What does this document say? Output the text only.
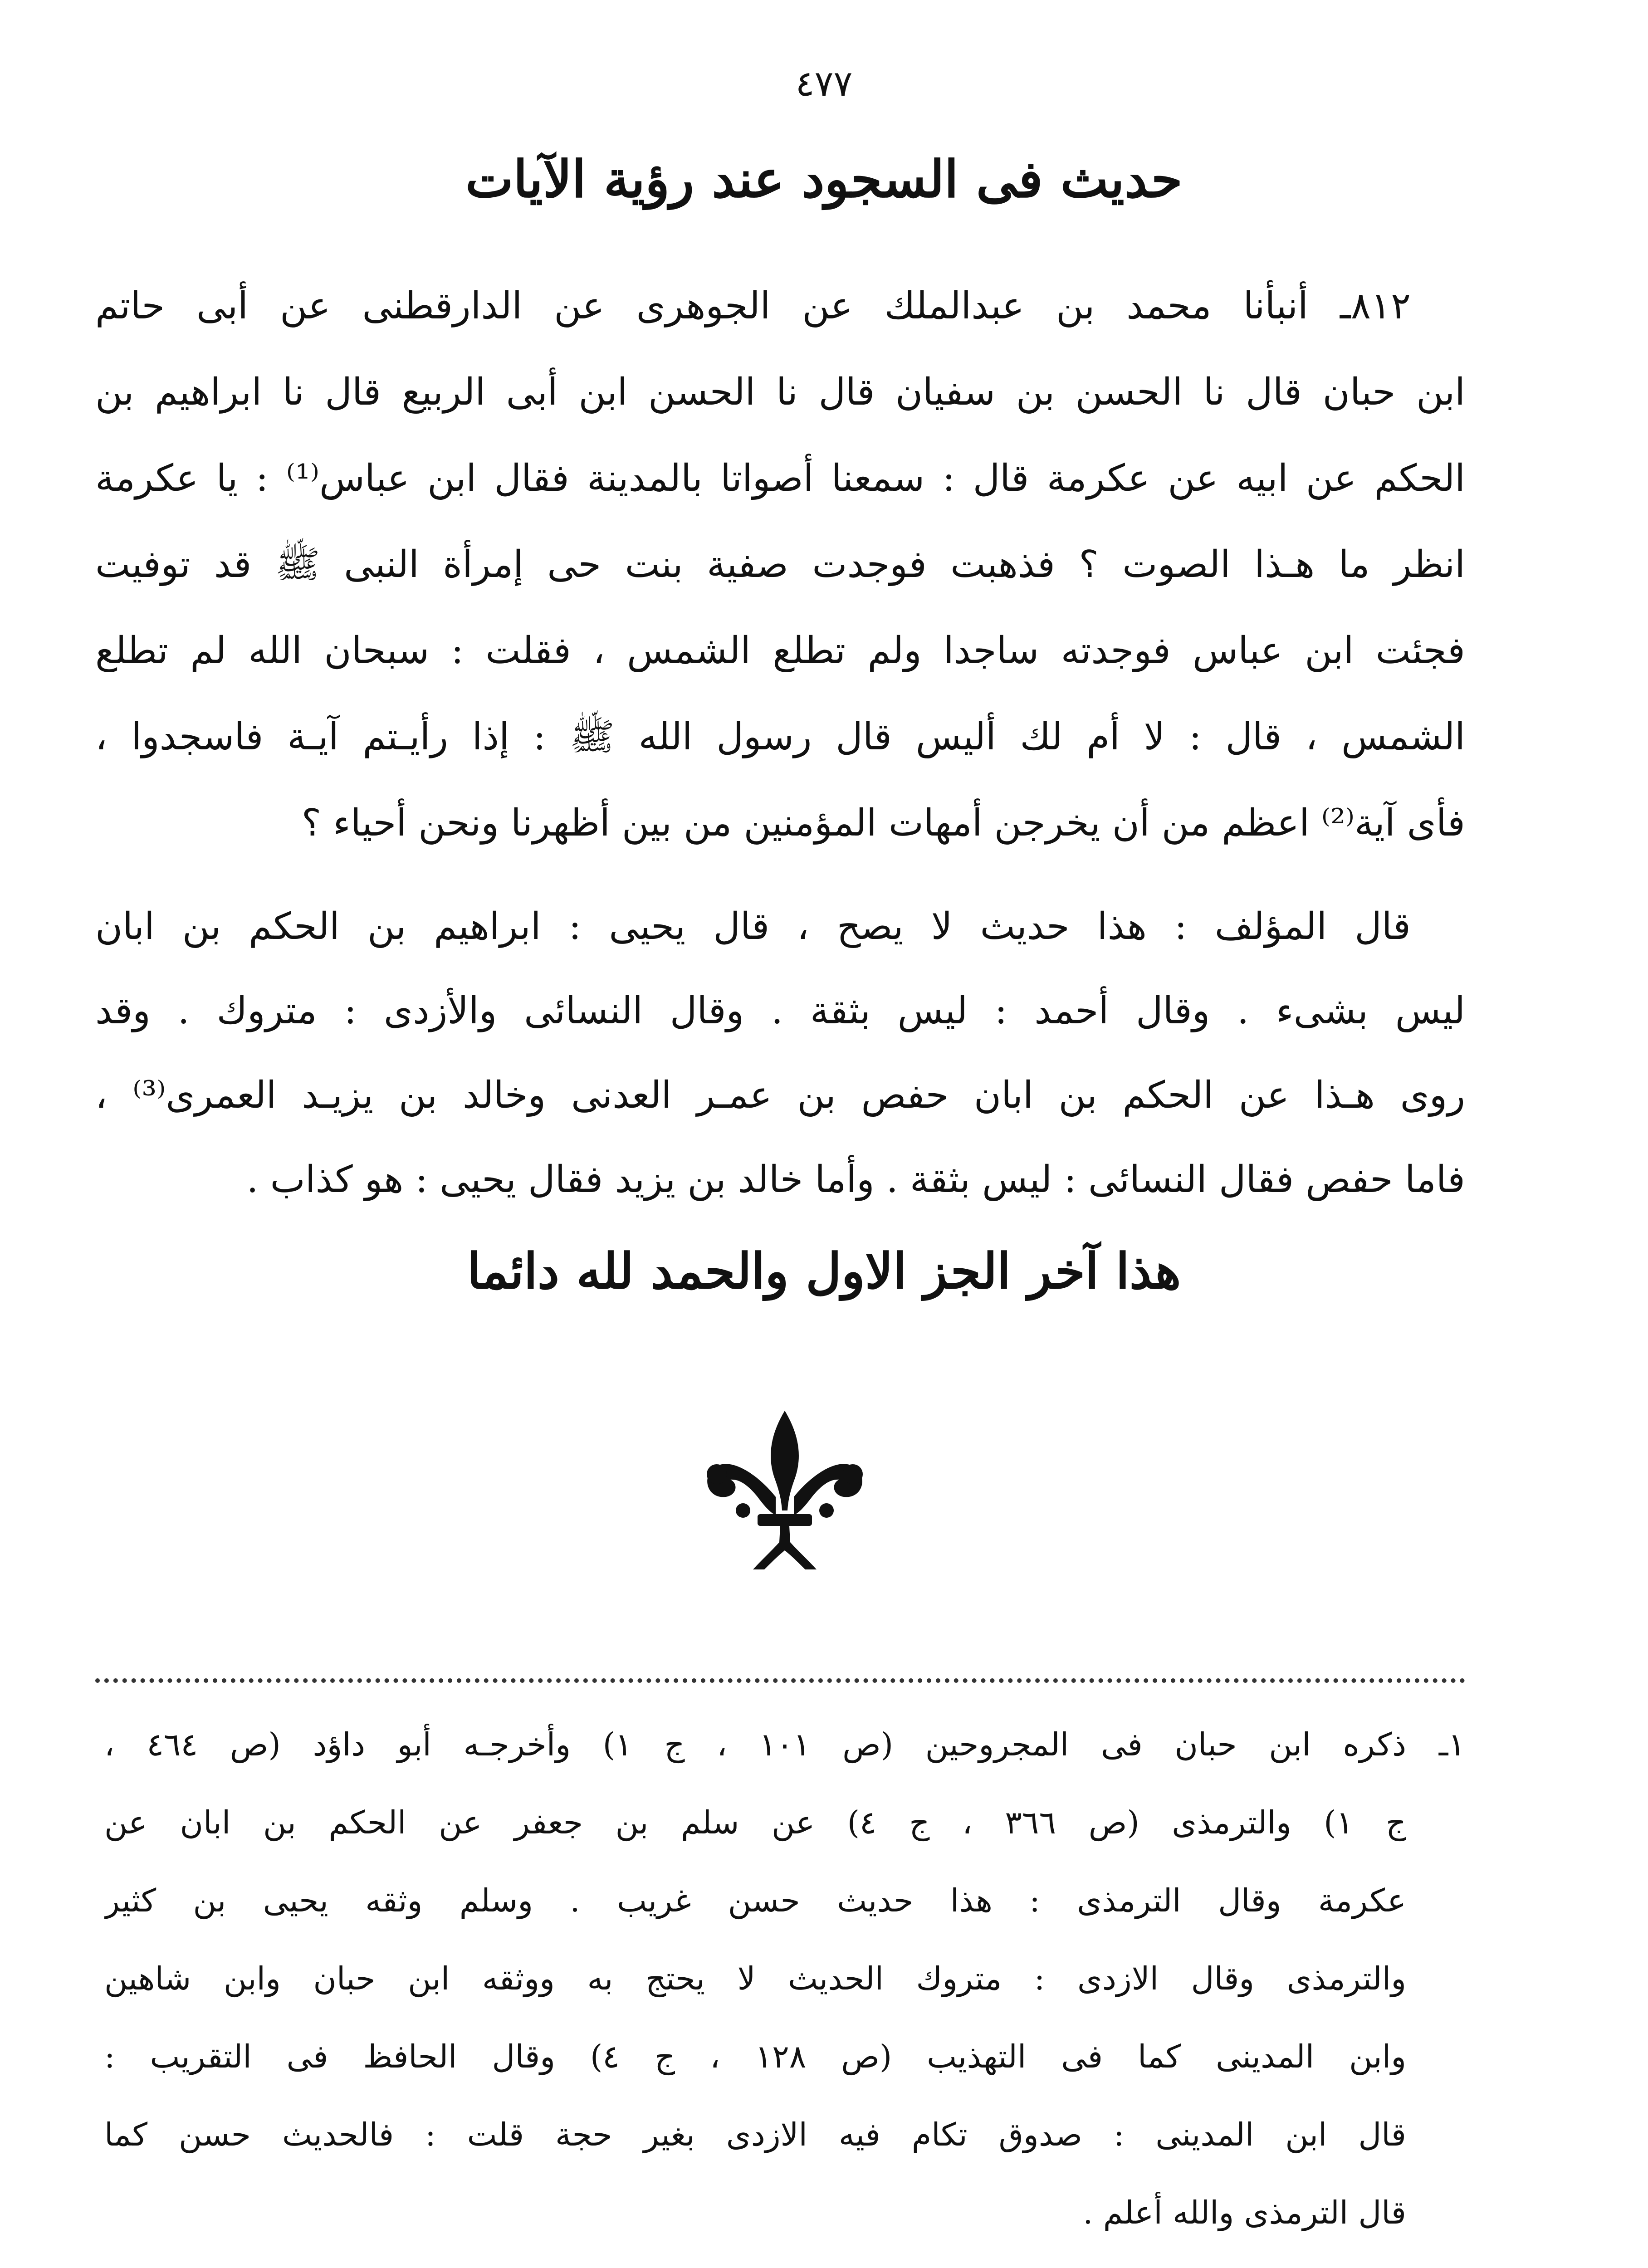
٤٧٧
حديث فى السجود عند رؤية الآيات
٨١٢ـ أنبأنا محمد بن عبدالملك عن الجوهرى عن الدارقطنى عن أبى حاتم
ابن حبان قال نا الحسن بن سفيان قال نا الحسن ابن أبى الربيع قال نا ابراهيم بن
الحكم عن ابيه عن عكرمة قال : سمعنا أصواتا بالمدينة فقال ابن عباس⁽¹⁾ : يا عكرمة
انظر ما هـذا الصوت ؟ فذهبت فوجدت صفية بنت حى إمرأة النبى ﷺ قد توفيت
فجئت ابن عباس فوجدته ساجدا ولم تطلع الشمس ، فقلت : سبحان الله لم تطلع
الشمس ، قال : لا أم لك أليس قال رسول الله ﷺ : إذا رأيـتم آيـة فاسجدوا ،
فأى آية⁽²⁾ اعظم من أن يخرجن أمهات المؤمنين من بين أظهرنا ونحن أحياء ؟
قال المؤلف : هذا حديث لا يصح ، قال يحيى : ابراهيم بن الحكم بن ابان
ليس بشىء . وقال أحمد : ليس بثقة . وقال النسائى والأزدى : متروك . وقد
روى هـذا عن الحكم بن ابان حفص بن عمـر العدنى وخالد بن يزيـد العمرى⁽³⁾ ،
فاما حفص فقال النسائى : ليس بثقة . وأما خالد بن يزيد فقال يحيى : هو كذاب .
هذا آخر الجز الاول والحمد لله دائما
١ـ
ذكره ابن حبان فى المجروحين (ص ١٠١ ، ج ١) وأخرجـه أبو داؤد (ص ٤٦٤ ،
ج ١) والترمذى (ص ٣٦٦ ، ج ٤) عن سلم بن جعفر عن الحكم بن ابان عن
عكرمة وقال الترمذى : هذا حديث حسن غريب . وسلم وثقه يحيى بن كثير
والترمذى وقال الازدى : متروك الحديث لا يحتج به ووثقه ابن حبان وابن شاهين
وابن المدينى كما فى التهذيب (ص ١٢٨ ، ج ٤) وقال الحافظ فى التقريب :
قال ابن المدينى : صدوق تكام فيه الازدى بغير حجة قلت : فالحديث حسن كما
قال الترمذى والله أعلم .
